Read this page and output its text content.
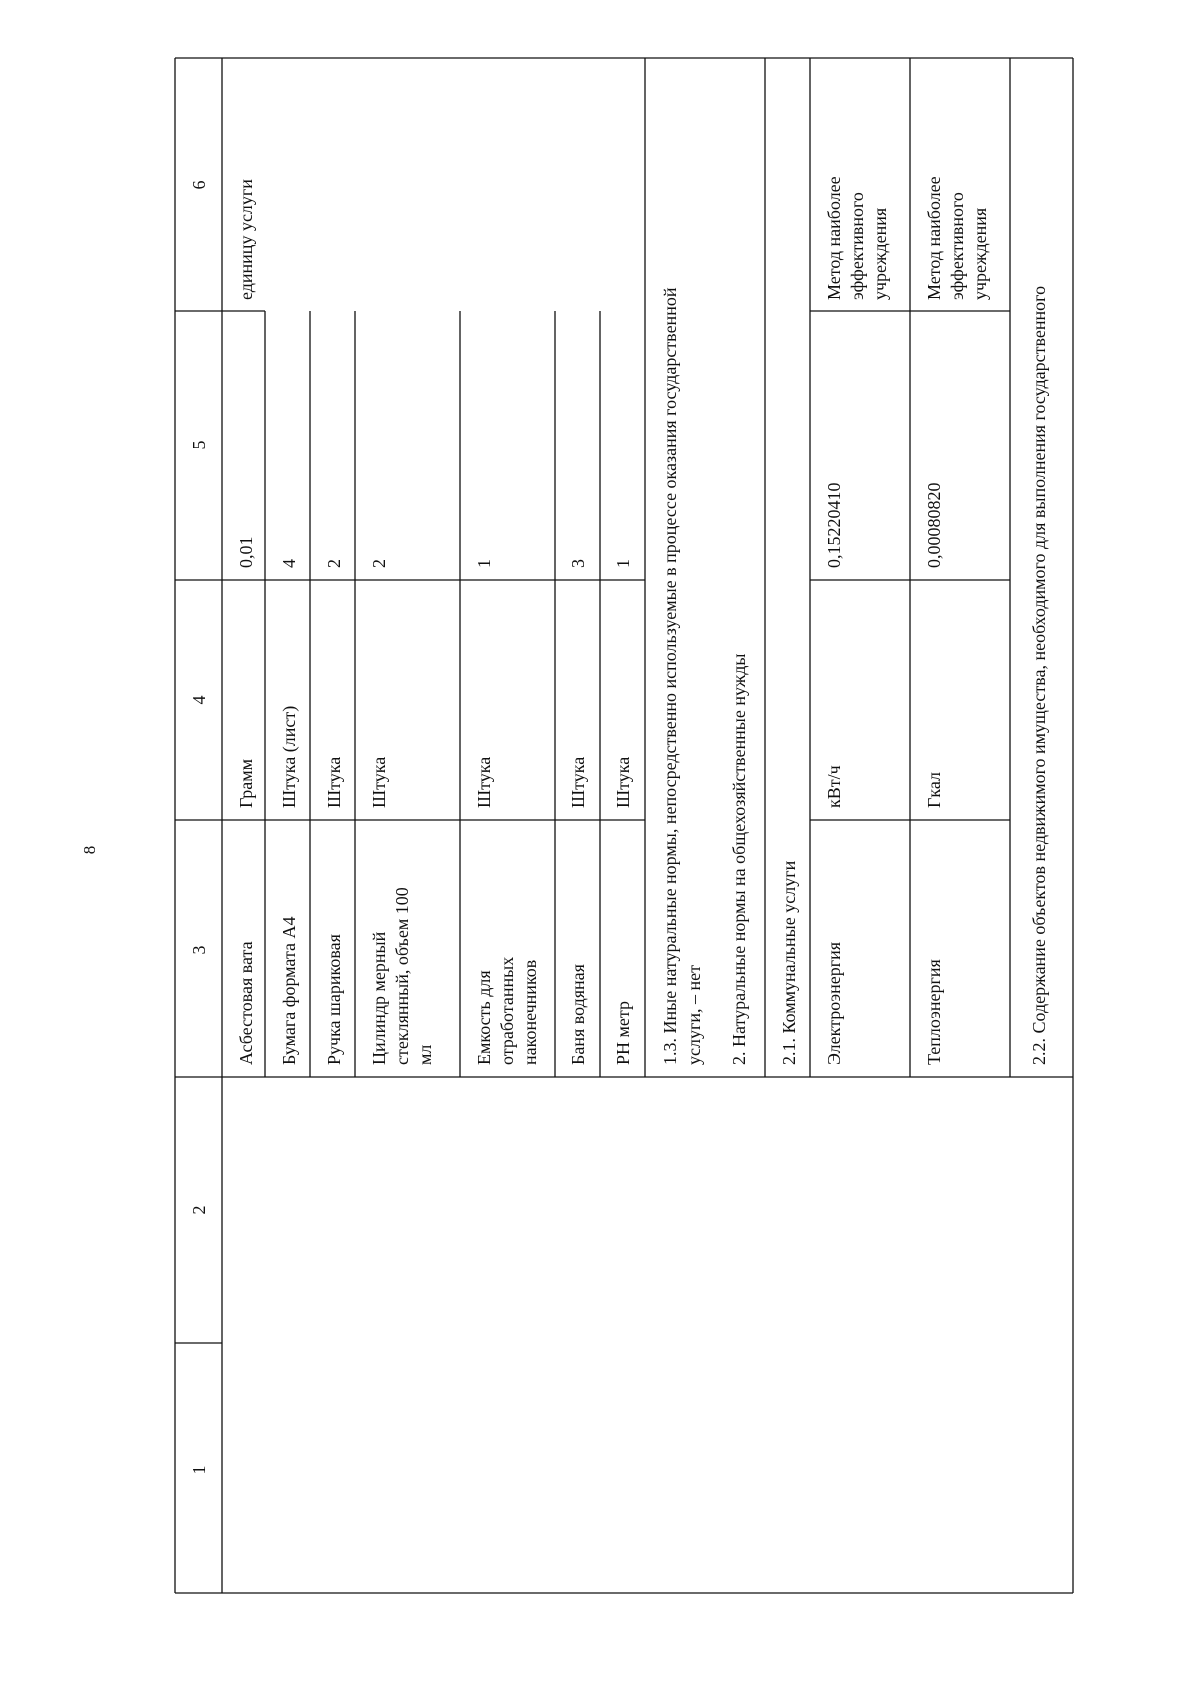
8
1
2
3
4
5
6 единицу услуги
Асбестовая вата
Грамм
0,01
Бумага формата А4
Штука (лист)
4
Ручка шариковая
Штука
2
Цилиндр мерный стеклянный, объем 100 мл
Штука
2
Емкость для отработанных наконечников
Штука
1
Баня водяная
Штука
3
PH метр
Штука
1 1.3. Иные натуральные нормы, непосредственно используемые в процессе оказания государственной услуги, – нет 2. Натуральные нормы на общехозяйственные нужды 2.1. Коммунальные услуги Электроэнергия
кВт/ч
0,15220410
Метод наиболее эффективного учреждения
Теплоэнергия
Гкал
0,00080820
Метод наиболее эффективного учреждения
2.2. Содержание объектов недвижимого имущества, необходимого для выполнения государственного
